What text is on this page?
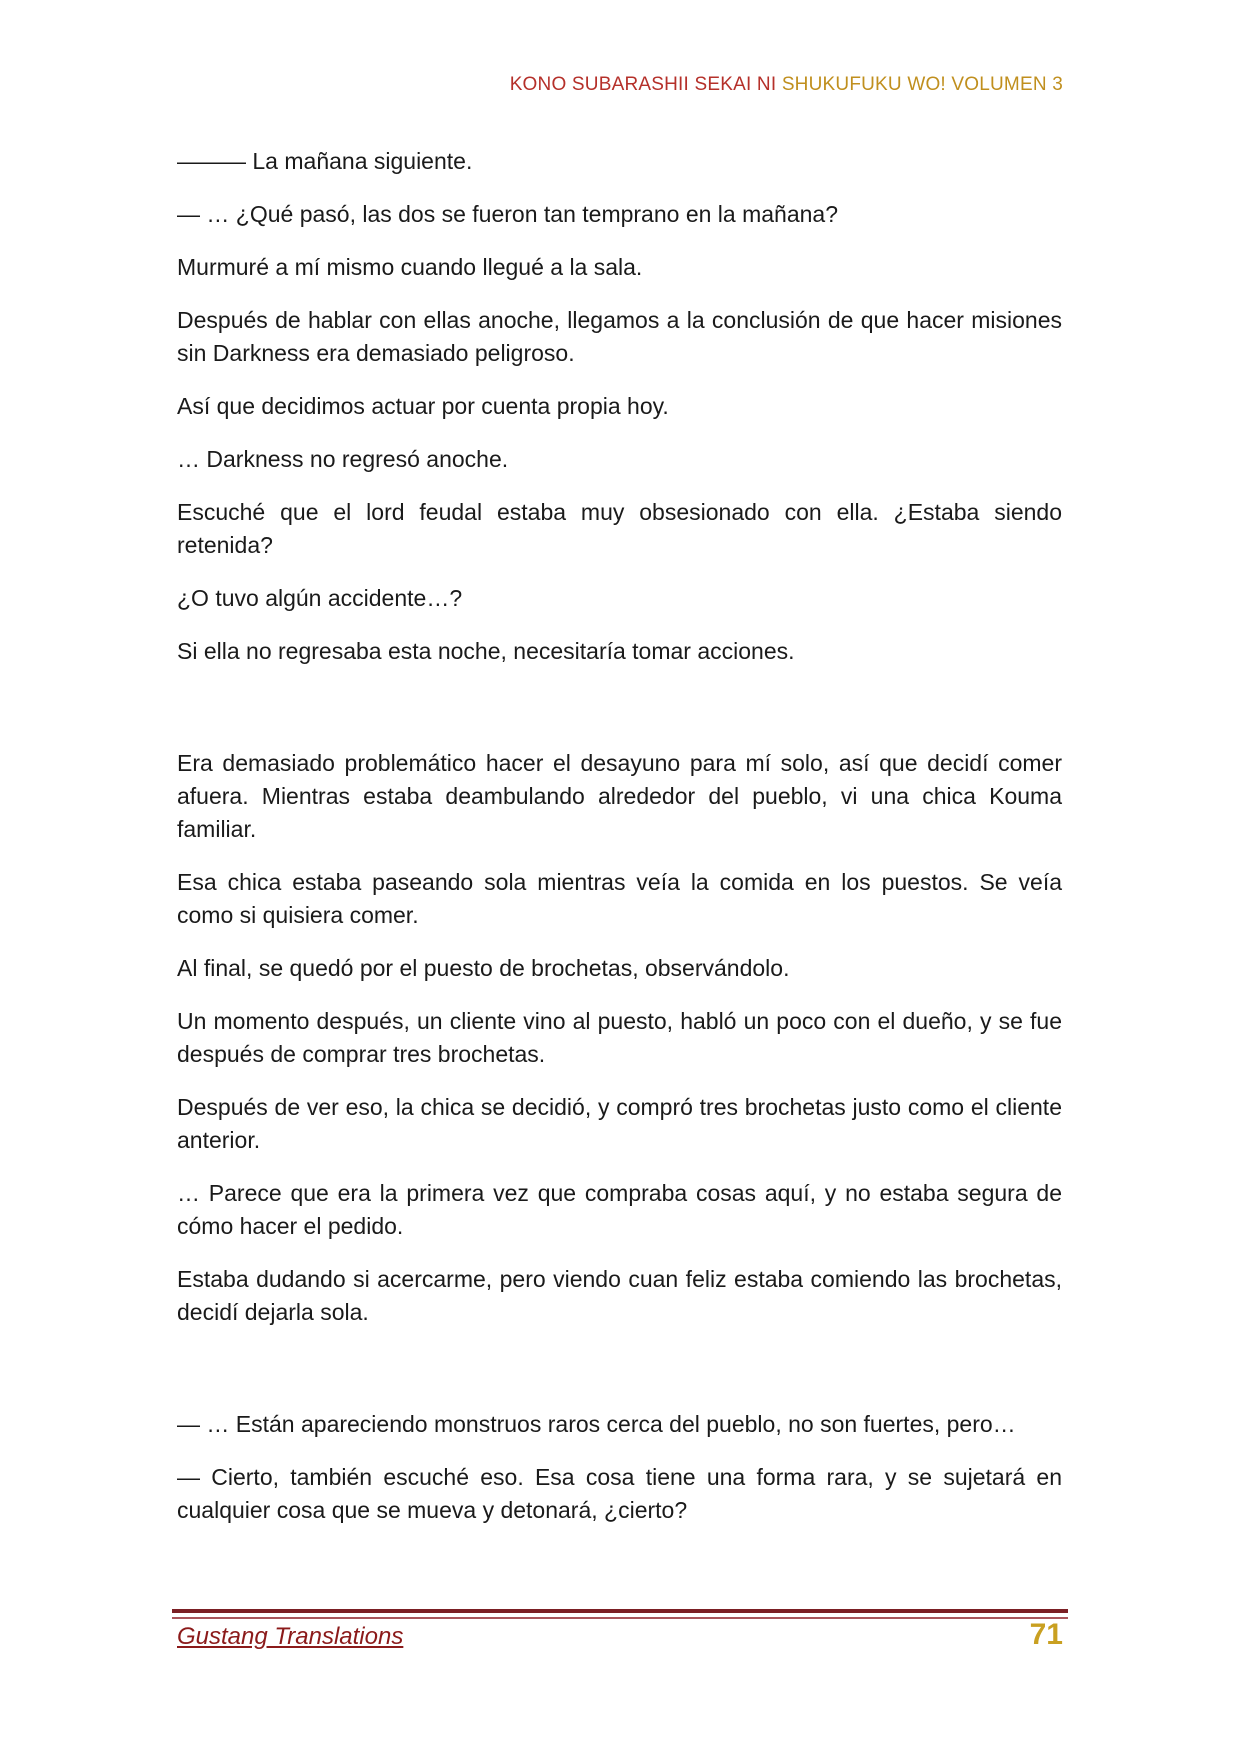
KONO SUBARASHII SEKAI NI SHUKUFUKU WO! VOLUMEN 3

——— La mañana siguiente.

— … ¿Qué pasó, las dos se fueron tan temprano en la mañana?

Murmuré a mí mismo cuando llegué a la sala.

Después de hablar con ellas anoche, llegamos a la conclusión de que hacer misiones sin Darkness era demasiado peligroso.

Así que decidimos actuar por cuenta propia hoy.

… Darkness no regresó anoche.

Escuché que el lord feudal estaba muy obsesionado con ella. ¿Estaba siendo retenida?

¿O tuvo algún accidente…?

Si ella no regresaba esta noche, necesitaría tomar acciones.

Era demasiado problemático hacer el desayuno para mí solo, así que decidí comer afuera. Mientras estaba deambulando alrededor del pueblo, vi una chica Kouma familiar.

Esa chica estaba paseando sola mientras veía la comida en los puestos. Se veía como si quisiera comer.

Al final, se quedó por el puesto de brochetas, observándolo.

Un momento después, un cliente vino al puesto, habló un poco con el dueño, y se fue después de comprar tres brochetas.

Después de ver eso, la chica se decidió, y compró tres brochetas justo como el cliente anterior.

… Parece que era la primera vez que compraba cosas aquí, y no estaba segura de cómo hacer el pedido.

Estaba dudando si acercarme, pero viendo cuan feliz estaba comiendo las brochetas, decidí dejarla sola.

— … Están apareciendo monstruos raros cerca del pueblo, no son fuertes, pero…

— Cierto, también escuché eso. Esa cosa tiene una forma rara, y se sujetará en cualquier cosa que se mueva y detonará, ¿cierto?

Gustang Translations	71
